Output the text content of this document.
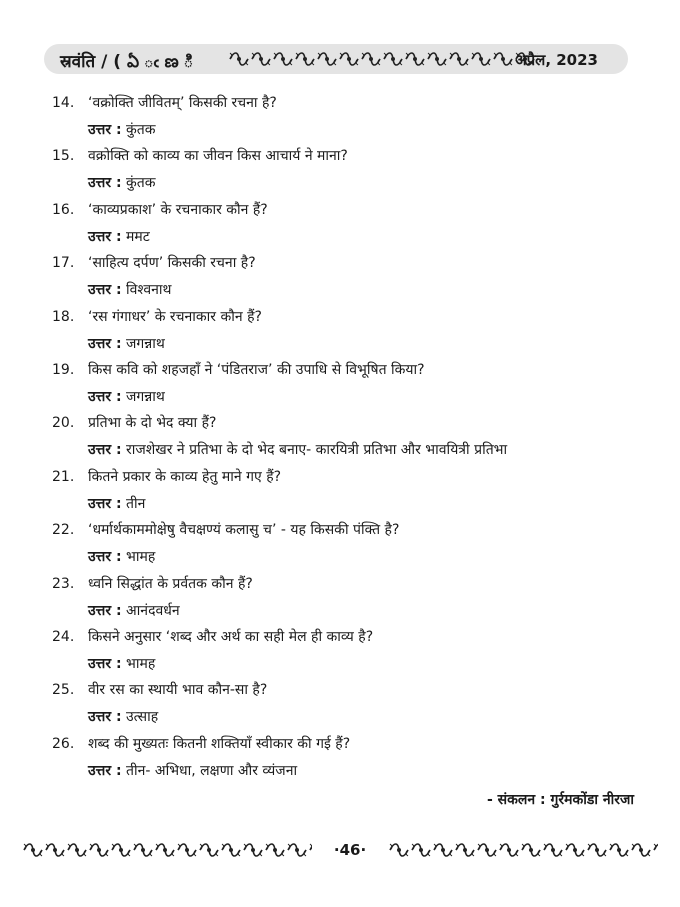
स्रवंति / ( ఏ ఁ ణ ి	अप्रैल, 2023
14. ‘वक्रोक्ति जीवितम्’ किसकी रचना है?
उत्तर : कुंतक
15. वक्रोक्ति को काव्य का जीवन किस आचार्य ने माना?
उत्तर : कुंतक
16. ‘काव्यप्रकाश’ के रचनाकार कौन हैं?
उत्तर : ममट
17. ‘साहित्य दर्पण’ किसकी रचना है?
उत्तर : विश्वनाथ
18. ‘रस गंगाधर’ के रचनाकार कौन हैं?
उत्तर : जगन्नाथ
19. किस कवि को शहजहाँ ने ‘पंडितराज’ की उपाधि से विभूषित किया?
उत्तर : जगन्नाथ
20. प्रतिभा के दो भेद क्या हैं?
उत्तर : राजशेखर ने प्रतिभा के दो भेद बनाए- कारयित्री प्रतिभा और भावयित्री प्रतिभा
21. कितने प्रकार के काव्य हेतु माने गए हैं?
उत्तर : तीन
22. ‘धर्मार्थकाममोक्षेषु वैचक्षण्यं कलासु च’ - यह किसकी पंक्ति है?
उत्तर : भामह
23. ध्वनि सिद्धांत के प्रर्वतक कौन हैं?
उत्तर : आनंदवर्धन
24. किसने अनुसार ‘शब्द और अर्थ का सही मेल ही काव्य है?
उत्तर : भामह
25. वीर रस का स्थायी भाव कौन-सा है?
उत्तर : उत्साह
26. शब्द की मुख्यतः कितनी शक्तियाँ स्वीकार की गई हैं?
उत्तर : तीन- अभिधा, लक्षणा और व्यंजना
- संकलन : गुर्रमकोंडा नीरजा
·46·
